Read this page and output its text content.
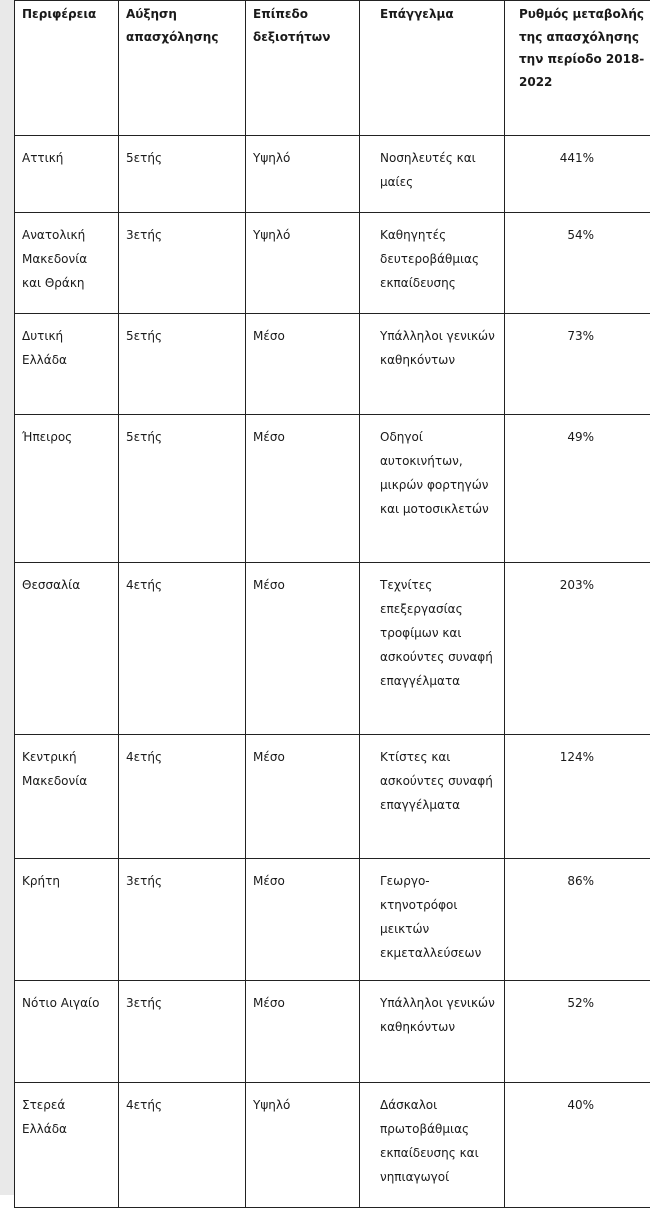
Περιφέρεια	Αύξηση απασχόλησης	Επίπεδο δεξιοτήτων	Επάγγελμα	Ρυθμός μεταβολής της απασχόλησης την περίοδο 2018-2022
Αττική	5ετής	Υψηλό	Νοσηλευτές και μαίες	441%
Ανατολική Μακεδονία και Θράκη	3ετής	Υψηλό	Καθηγητές δευτεροβάθμιας εκπαίδευσης	54%
Δυτική Ελλάδα	5ετής	Μέσο	Υπάλληλοι γενικών καθηκόντων	73%
Ήπειρος	5ετής	Μέσο	Οδηγοί αυτοκινήτων, μικρών φορτηγών και μοτοσικλετών	49%
Θεσσαλία	4ετής	Μέσο	Τεχνίτες επεξεργασίας τροφίμων και ασκούντες συναφή επαγγέλματα	203%
Κεντρική Μακεδονία	4ετής	Μέσο	Κτίστες και ασκούντες συναφή επαγγέλματα	124%
Κρήτη	3ετής	Μέσο	Γεωργο-κτηνοτρόφοι μεικτών εκμεταλλεύσεων	86%
Νότιο Αιγαίο	3ετής	Μέσο	Υπάλληλοι γενικών καθηκόντων	52%
Στερεά Ελλάδα	4ετής	Υψηλό	Δάσκαλοι πρωτοβάθμιας εκπαίδευσης και νηπιαγωγοί	40%
